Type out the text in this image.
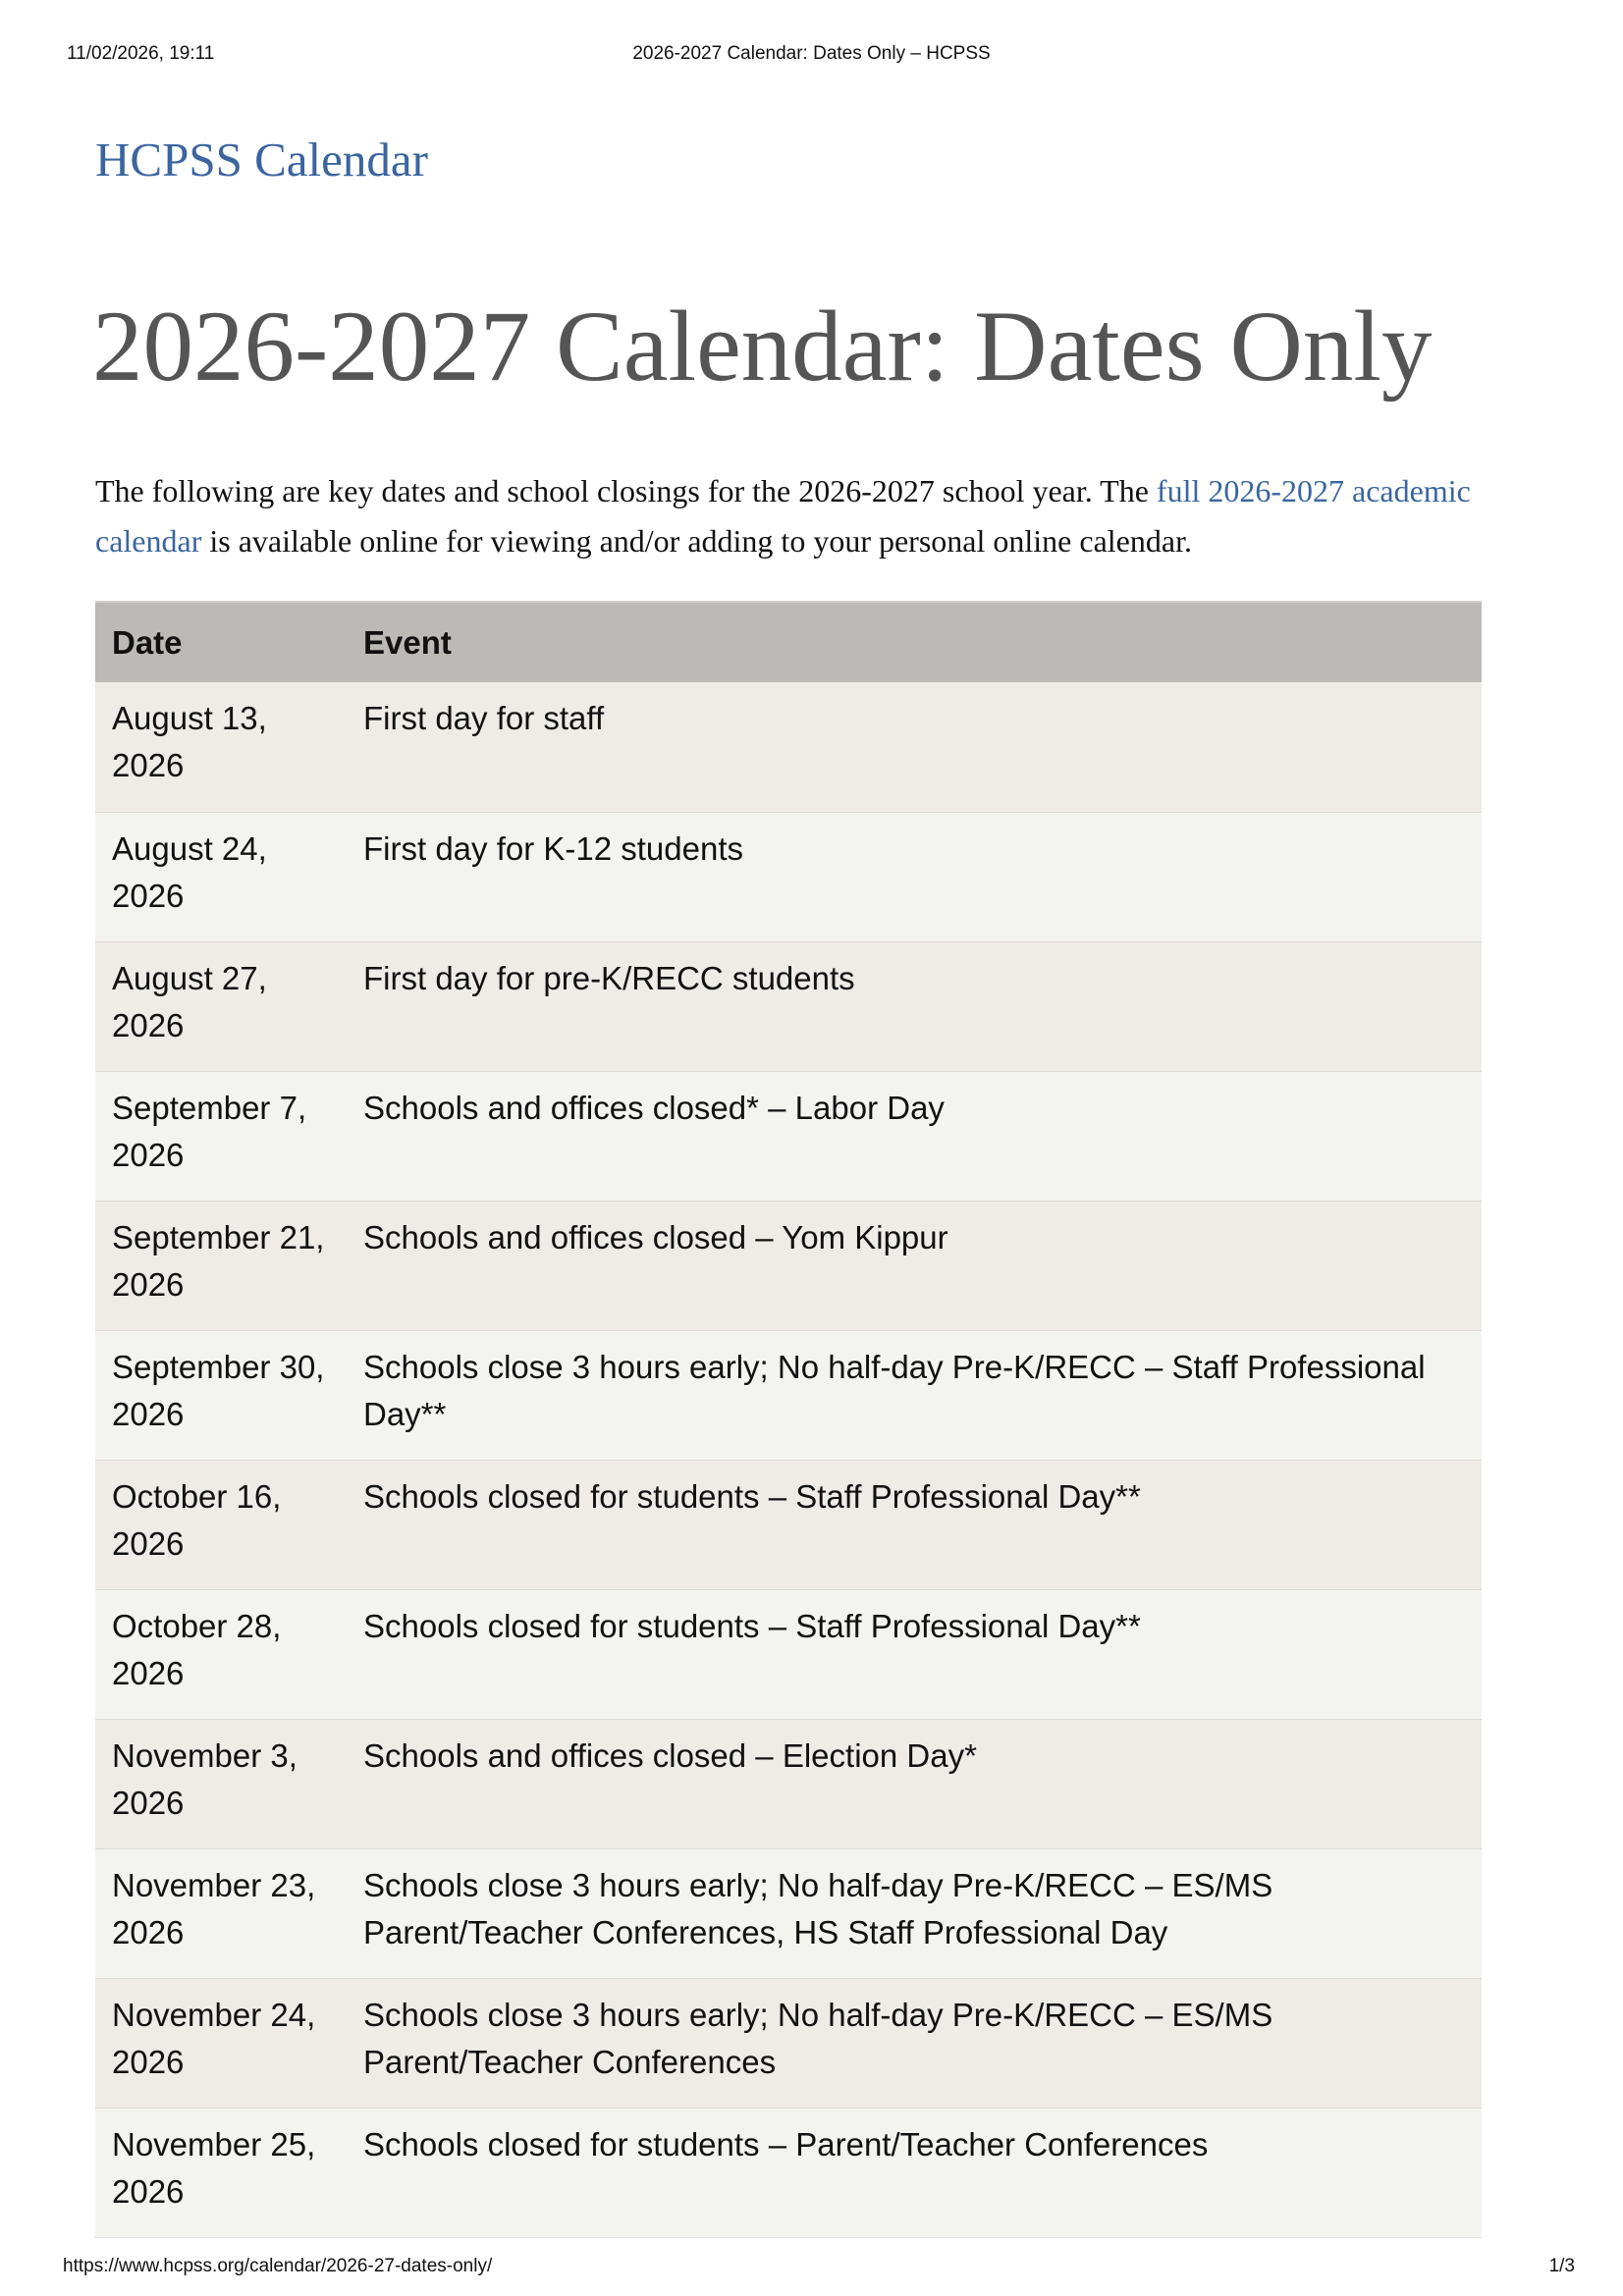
11/02/2026, 19:11	2026-2027 Calendar: Dates Only – HCPSS
HCPSS Calendar
2026-2027 Calendar: Dates Only

The following are key dates and school closings for the 2026-2027 school year. The full 2026-2027 academic calendar is available online for viewing and/or adding to your personal online calendar.

Date	Event
August 13,
2026	First day for staff
August 24,
2026	First day for K-12 students
August 27,
2026	First day for pre-K/RECC students
September 7,
2026	Schools and offices closed* – Labor Day
September 21,
2026	Schools and offices closed – Yom Kippur
September 30,
2026	Schools close 3 hours early; No half-day Pre-K/RECC – Staff Professional Day**
October 16,
2026	Schools closed for students – Staff Professional Day**
October 28,
2026	Schools closed for students – Staff Professional Day**
November 3,
2026	Schools and offices closed – Election Day*
November 23,
2026	Schools close 3 hours early; No half-day Pre-K/RECC – ES/MS Parent/Teacher Conferences, HS Staff Professional Day
November 24,
2026	Schools close 3 hours early; No half-day Pre-K/RECC – ES/MS Parent/Teacher Conferences
November 25,
2026	Schools closed for students – Parent/Teacher Conferences
https://www.hcpss.org/calendar/2026-27-dates-only/	1/3
